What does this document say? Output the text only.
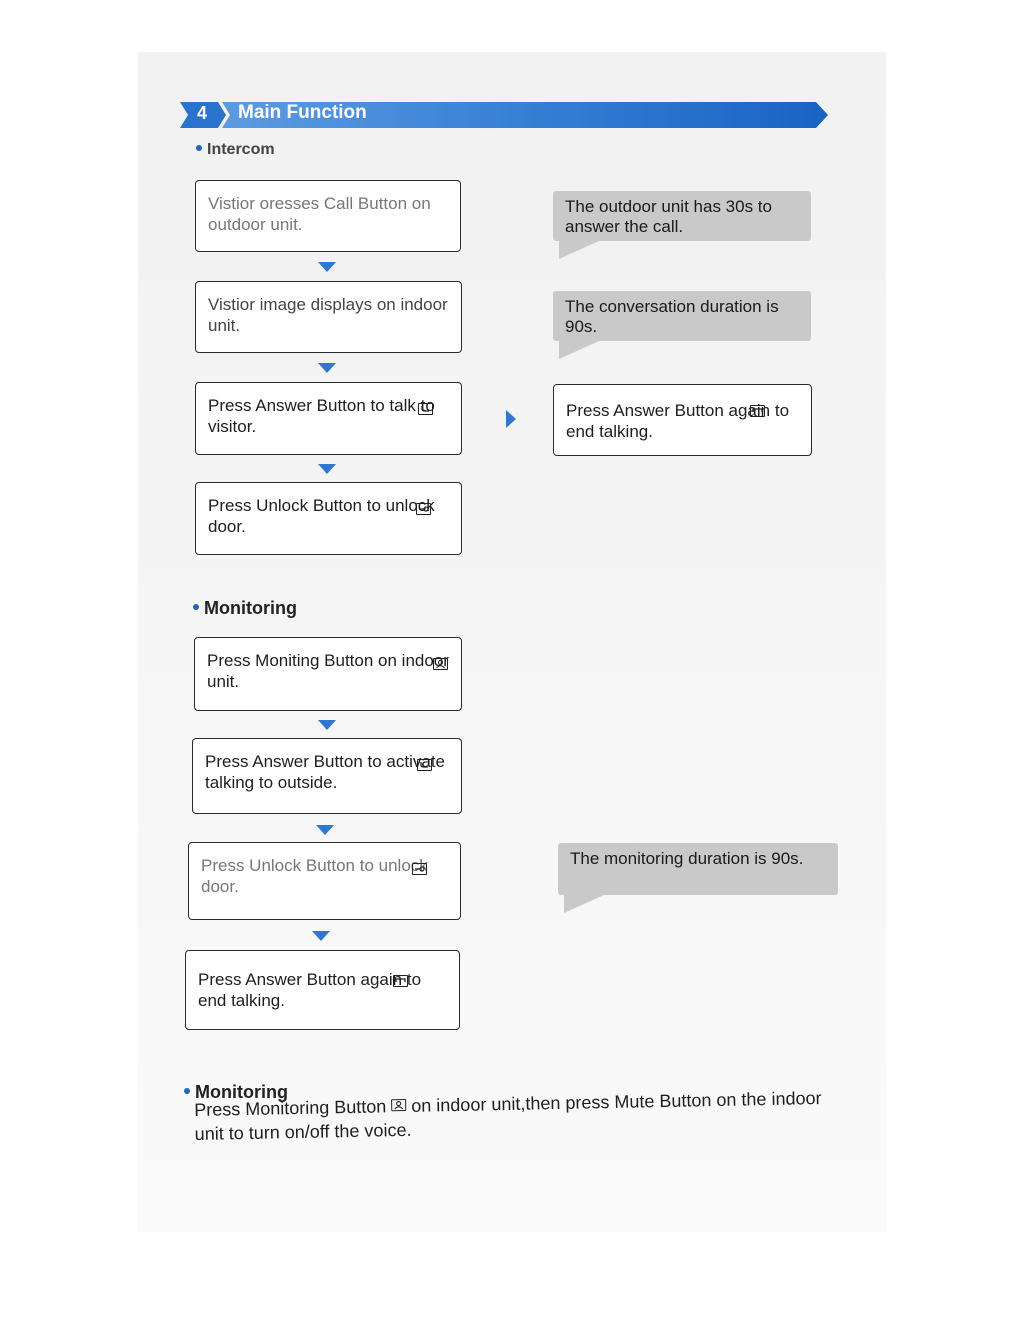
4 Main Function
Intercom
Vistior oresses Call Button on outdoor unit.
Vistior image displays on indoor unit.
Press Answer Button to talk to visitor.
Press Unlock Button to unlock door.
The outdoor unit has 30s to answer the call.
The conversation duration is 90s.
Press Answer Button again to end talking.
Monitoring
Press Moniting Button on indoor unit.
Press Answer Button to activate talking to outside.
Press Unlock Button to unlock door.
Press Answer Button again to end talking.
The monitoring duration is 90s.
Monitoring
Press Monitoring Button on indoor unit,then press Mute Button on the indoor unit to turn on/off the voice.
